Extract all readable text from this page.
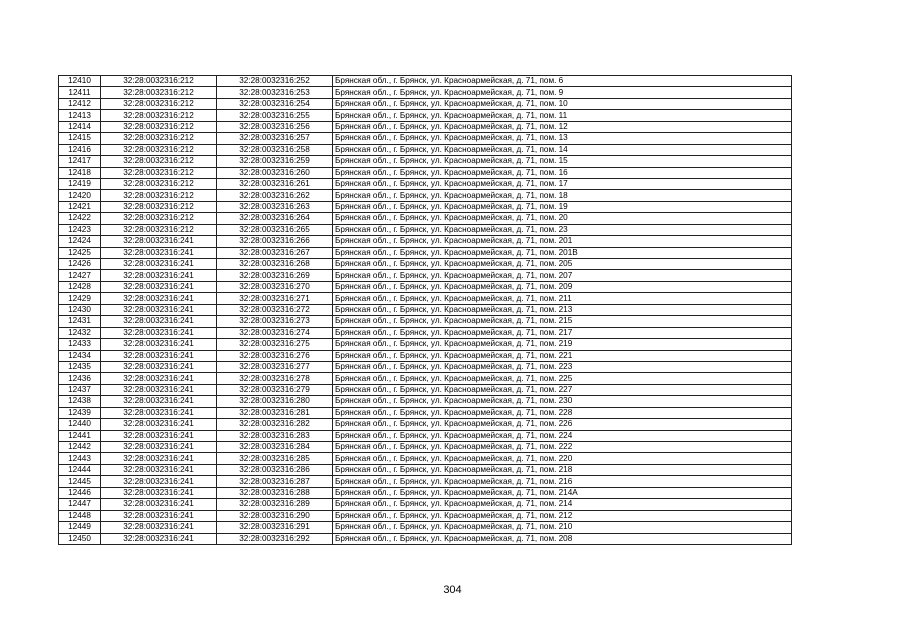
12410	32:28:0032316:212	32:28:0032316:252	Брянская обл., г. Брянск, ул. Красноармейская, д. 71, пом. 6
12411	32:28:0032316:212	32:28:0032316:253	Брянская обл., г. Брянск, ул. Красноармейская, д. 71, пом. 9
12412	32:28:0032316:212	32:28:0032316:254	Брянская обл., г. Брянск, ул. Красноармейская, д. 71, пом. 10
12413	32:28:0032316:212	32:28:0032316:255	Брянская обл., г. Брянск, ул. Красноармейская, д. 71, пом. 11
12414	32:28:0032316:212	32:28:0032316:256	Брянская обл., г. Брянск, ул. Красноармейская, д. 71, пом. 12
12415	32:28:0032316:212	32:28:0032316:257	Брянская обл., г. Брянск, ул. Красноармейская, д. 71, пом. 13
12416	32:28:0032316:212	32:28:0032316:258	Брянская обл., г. Брянск, ул. Красноармейская, д. 71, пом. 14
12417	32:28:0032316:212	32:28:0032316:259	Брянская обл., г. Брянск, ул. Красноармейская, д. 71, пом. 15
12418	32:28:0032316:212	32:28:0032316:260	Брянская обл., г. Брянск, ул. Красноармейская, д. 71, пом. 16
12419	32:28:0032316:212	32:28:0032316:261	Брянская обл., г. Брянск, ул. Красноармейская, д. 71, пом. 17
12420	32:28:0032316:212	32:28:0032316:262	Брянская обл., г. Брянск, ул. Красноармейская, д. 71, пом. 18
12421	32:28:0032316:212	32:28:0032316:263	Брянская обл., г. Брянск, ул. Красноармейская, д. 71, пом. 19
12422	32:28:0032316:212	32:28:0032316:264	Брянская обл., г. Брянск, ул. Красноармейская, д. 71, пом. 20
12423	32:28:0032316:212	32:28:0032316:265	Брянская обл., г. Брянск, ул. Красноармейская, д. 71, пом. 23
12424	32:28:0032316:241	32:28:0032316:266	Брянская обл., г. Брянск, ул. Красноармейская, д. 71, пом. 201
12425	32:28:0032316:241	32:28:0032316:267	Брянская обл., г. Брянск, ул. Красноармейская, д. 71, пом. 201В
12426	32:28:0032316:241	32:28:0032316:268	Брянская обл., г. Брянск, ул. Красноармейская, д. 71, пом. 205
12427	32:28:0032316:241	32:28:0032316:269	Брянская обл., г. Брянск, ул. Красноармейская, д. 71, пом. 207
12428	32:28:0032316:241	32:28:0032316:270	Брянская обл., г. Брянск, ул. Красноармейская, д. 71, пом. 209
12429	32:28:0032316:241	32:28:0032316:271	Брянская обл., г. Брянск, ул. Красноармейская, д. 71, пом. 211
12430	32:28:0032316:241	32:28:0032316:272	Брянская обл., г. Брянск, ул. Красноармейская, д. 71, пом. 213
12431	32:28:0032316:241	32:28:0032316:273	Брянская обл., г. Брянск, ул. Красноармейская, д. 71, пом. 215
12432	32:28:0032316:241	32:28:0032316:274	Брянская обл., г. Брянск, ул. Красноармейская, д. 71, пом. 217
12433	32:28:0032316:241	32:28:0032316:275	Брянская обл., г. Брянск, ул. Красноармейская, д. 71, пом. 219
12434	32:28:0032316:241	32:28:0032316:276	Брянская обл., г. Брянск, ул. Красноармейская, д. 71, пом. 221
12435	32:28:0032316:241	32:28:0032316:277	Брянская обл., г. Брянск, ул. Красноармейская, д. 71, пом. 223
12436	32:28:0032316:241	32:28:0032316:278	Брянская обл., г. Брянск, ул. Красноармейская, д. 71, пом. 225
12437	32:28:0032316:241	32:28:0032316:279	Брянская обл., г. Брянск, ул. Красноармейская, д. 71, пом. 227
12438	32:28:0032316:241	32:28:0032316:280	Брянская обл., г. Брянск, ул. Красноармейская, д. 71, пом. 230
12439	32:28:0032316:241	32:28:0032316:281	Брянская обл., г. Брянск, ул. Красноармейская, д. 71, пом. 228
12440	32:28:0032316:241	32:28:0032316:282	Брянская обл., г. Брянск, ул. Красноармейская, д. 71, пом. 226
12441	32:28:0032316:241	32:28:0032316:283	Брянская обл., г. Брянск, ул. Красноармейская, д. 71, пом. 224
12442	32:28:0032316:241	32:28:0032316:284	Брянская обл., г. Брянск, ул. Красноармейская, д. 71, пом. 222
12443	32:28:0032316:241	32:28:0032316:285	Брянская обл., г. Брянск, ул. Красноармейская, д. 71, пом. 220
12444	32:28:0032316:241	32:28:0032316:286	Брянская обл., г. Брянск, ул. Красноармейская, д. 71, пом. 218
12445	32:28:0032316:241	32:28:0032316:287	Брянская обл., г. Брянск, ул. Красноармейская, д. 71, пом. 216
12446	32:28:0032316:241	32:28:0032316:288	Брянская обл., г. Брянск, ул. Красноармейская, д. 71, пом. 214А
12447	32:28:0032316:241	32:28:0032316:289	Брянская обл., г. Брянск, ул. Красноармейская, д. 71, пом. 214
12448	32:28:0032316:241	32:28:0032316:290	Брянская обл., г. Брянск, ул. Красноармейская, д. 71, пом. 212
12449	32:28:0032316:241	32:28:0032316:291	Брянская обл., г. Брянск, ул. Красноармейская, д. 71, пом. 210
12450	32:28:0032316:241	32:28:0032316:292	Брянская обл., г. Брянск, ул. Красноармейская, д. 71, пом. 208
304
